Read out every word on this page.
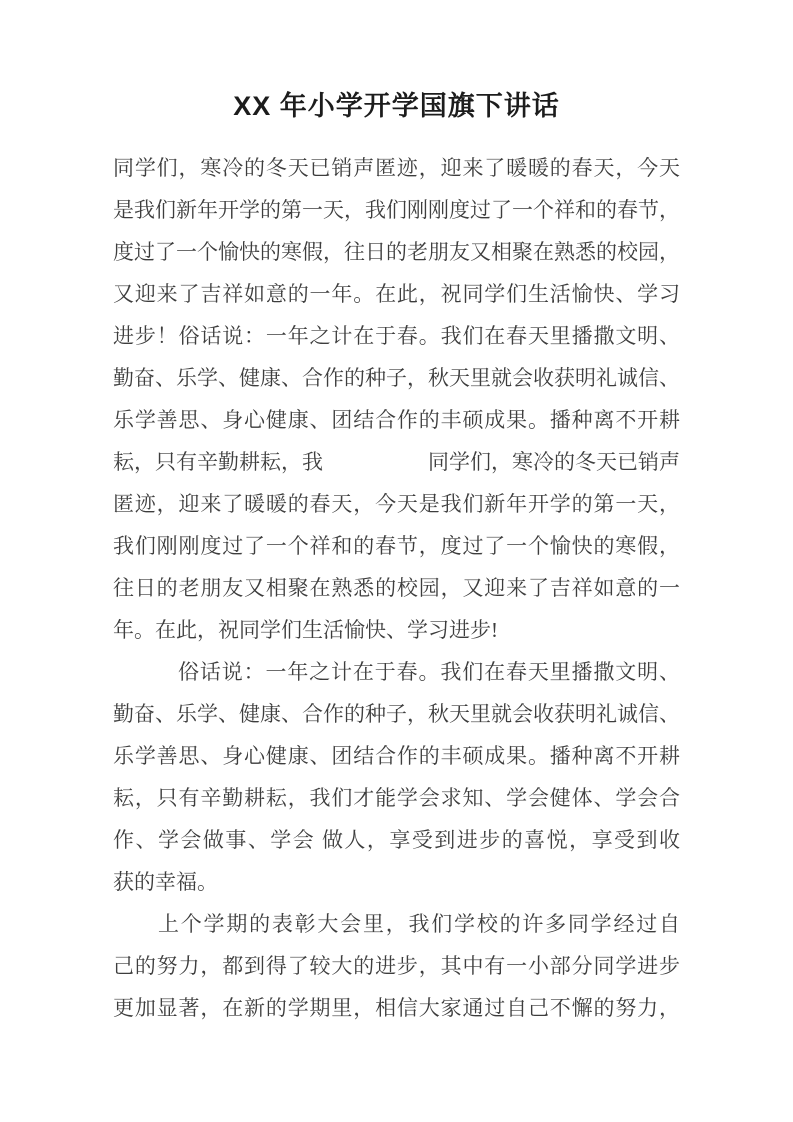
XX 年小学开学国旗下讲话
同学们，寒冷的冬天已销声匿迹，迎来了暖暖的春天，今天
是我们新年开学的第一天，我们刚刚度过了一个祥和的春节，
度过了一个愉快的寒假，往日的老朋友又相聚在熟悉的校园，
又迎来了吉祥如意的一年。在此，祝同学们生活愉快、学习
进步！俗话说：一年之计在于春。我们在春天里播撒文明、
勤奋、乐学、健康、合作的种子，秋天里就会收获明礼诚信、
乐学善思、身心健康、团结合作的丰硕成果。播种离不开耕
耘，只有辛勤耕耘，我　　　　　同学们，寒冷的冬天已销声
匿迹，迎来了暖暖的春天，今天是我们新年开学的第一天，
我们刚刚度过了一个祥和的春节，度过了一个愉快的寒假，
往日的老朋友又相聚在熟悉的校园，又迎来了吉祥如意的一
年。在此，祝同学们生活愉快、学习进步!
俗话说：一年之计在于春。我们在春天里播撒文明、
勤奋、乐学、健康、合作的种子，秋天里就会收获明礼诚信、
乐学善思、身心健康、团结合作的丰硕成果。播种离不开耕
耘，只有辛勤耕耘，我们才能学会求知、学会健体、学会合
作、学会做事、学会 做人，享受到进步的喜悦，享受到收
获的幸福。
上个学期的表彰大会里，我们学校的许多同学经过自
己的努力，都到得了较大的进步，其中有一小部分同学进步
更加显著，在新的学期里，相信大家通过自己不懈的努力，
